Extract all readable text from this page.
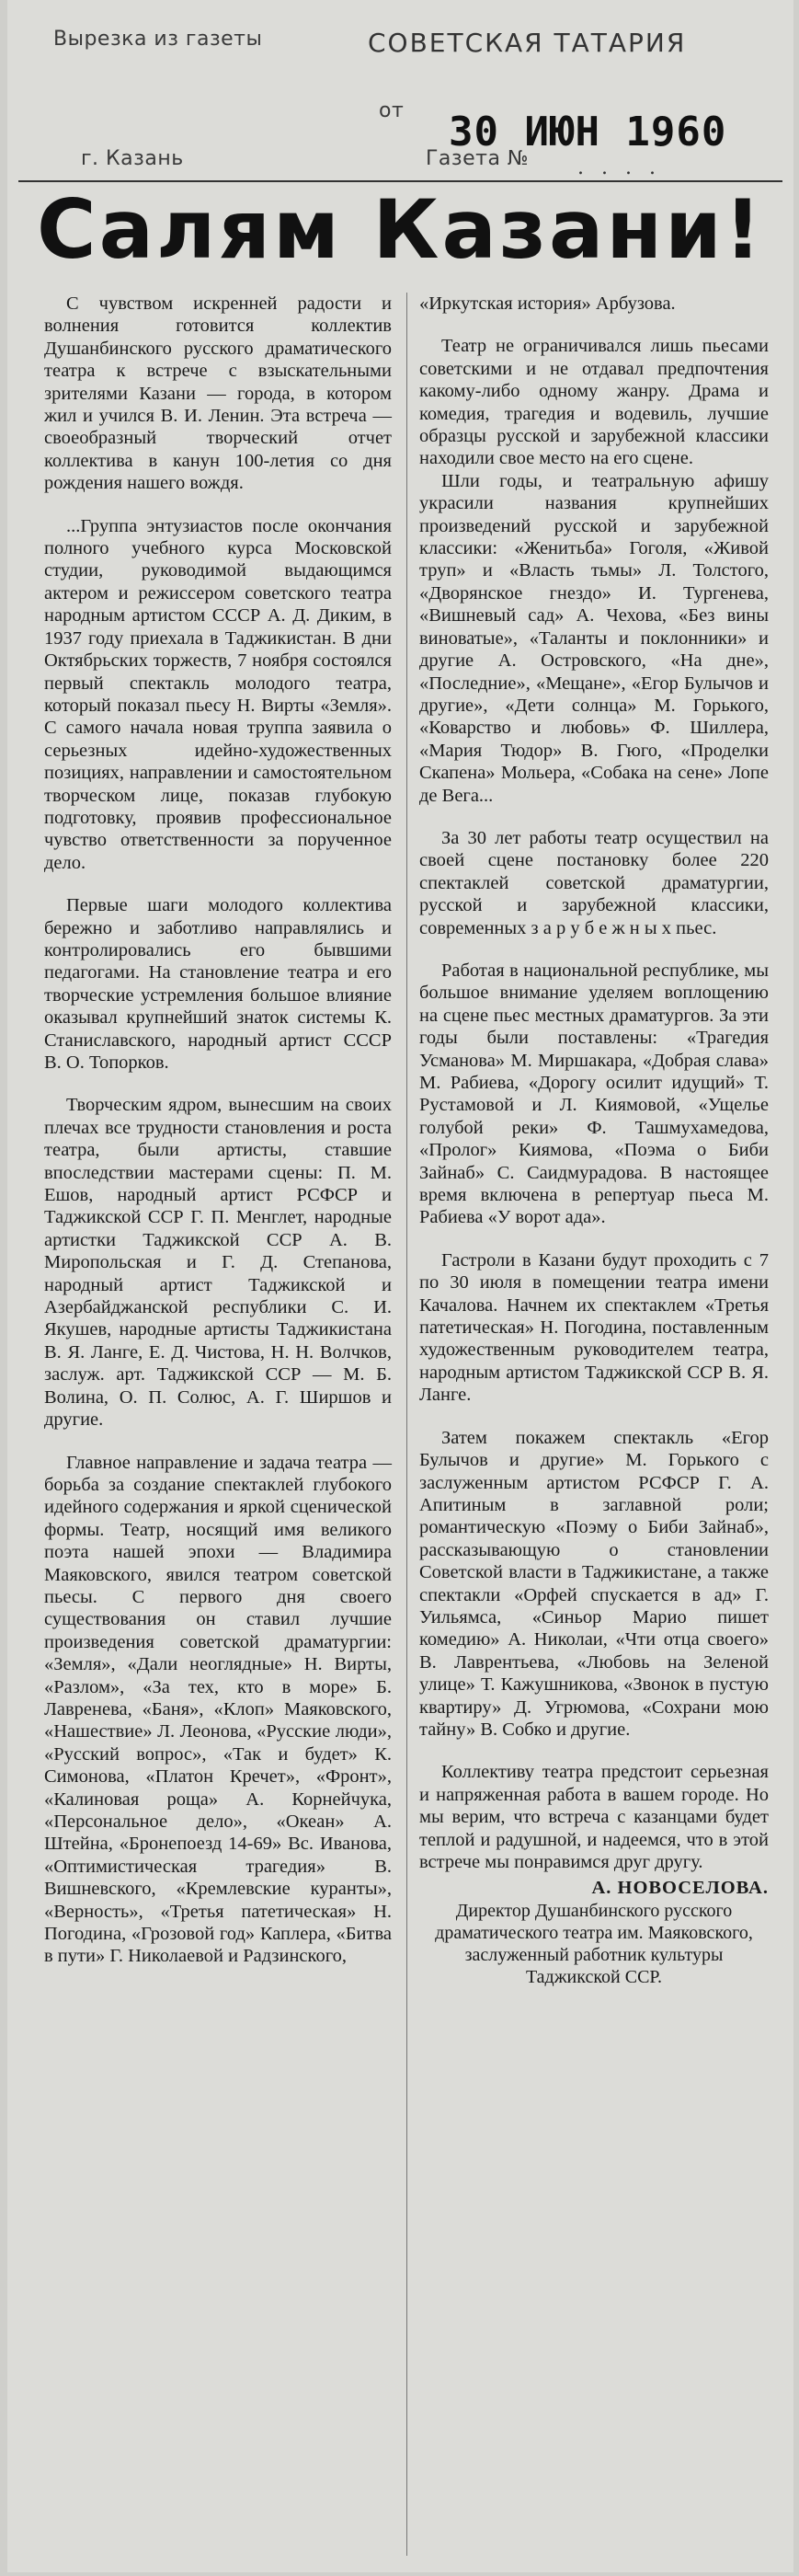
Вырезка из газеты	СОВЕТСКАЯ ТАТАРИЯ
от 30 ИЮН 1960
г. Казань	Газета № . . . .
Салям Казани!

С чувством искренней радости и волнения готовится коллектив Душанбинского русского драматического театра к встрече с взыскательными зрителями Казани — города, в котором жил и учился В. И. Ленин. Эта встреча — своеобразный творческий отчет коллектива в канун 100-летия со дня рождения нашего вождя.

...Группа энтузиастов после окончания полного учебного курса Московской студии, руководимой выдающимся актером и режиссером советского театра народным артистом СССР А. Д. Диким, в 1937 году приехала в Таджикистан. В дни Октябрьских торжеств, 7 ноября состоялся первый спектакль молодого театра, который показал пьесу Н. Вирты «Земля». С самого начала новая труппа заявила о серьезных идейно-художественных позициях, направлении и самостоятельном творческом лице, показав глубокую подготовку, проявив профессиональное чувство ответственности за порученное дело.

Первые шаги молодого коллектива бережно и заботливо направлялись и контролировались его бывшими педагогами. На становление театра и его творческие устремления большое влияние оказывал крупнейший знаток системы К. Станиславского, народный артист СССР В. О. Топорков.

Творческим ядром, вынесшим на своих плечах все трудности становления и роста театра, были артисты, ставшие впоследствии мастерами сцены: П. М. Ешов, народный артист РСФСР и Таджикской ССР Г. П. Менглет, народные артистки Таджикской ССР А. В. Миропольская и Г. Д. Степанова, народный артист Таджикской и Азербайджанской республики С. И. Якушев, народные артисты Таджикистана В. Я. Ланге, Е. Д. Чистова, Н. Н. Волчков, заслуж. арт. Таджикской ССР — М. Б. Волина, О. П. Солюс, А. Г. Ширшов и другие.

Главное направление и задача театра — борьба за создание спектаклей глубокого идейного содержания и яркой сценической формы. Театр, носящий имя великого поэта нашей эпохи — Владимира Маяковского, явился театром советской пьесы. С первого дня своего существования он ставил лучшие произведения советской драматургии: «Земля», «Дали неоглядные» Н. Вирты, «Разлом», «За тех, кто в море» Б. Лавренева, «Баня», «Клоп» Маяковского, «Нашествие» Л. Леонова, «Русские люди», «Русский вопрос», «Так и будет» К. Симонова, «Платон Кречет», «Фронт», «Калиновая роща» А. Корнейчука, «Персональное дело», «Океан» А. Штейна, «Бронепоезд 14-69» Вс. Иванова, «Оптимистическая трагедия» В. Вишневского, «Кремлевские куранты», «Верность», «Третья патетическая» Н. Погодина, «Грозовой год» Каплера, «Битва в пути» Г. Николаевой и Радзинского,

«Иркутская история» Арбузова.

Театр не ограничивался лишь пьесами советскими и не отдавал предпочтения какому-либо одному жанру. Драма и комедия, трагедия и водевиль, лучшие образцы русской и зарубежной классики находили свое место на его сцене.

Шли годы, и театральную афишу украсили названия крупнейших произведений русской и зарубежной классики: «Женитьба» Гоголя, «Живой труп» и «Власть тьмы» Л. Толстого, «Дворянское гнездо» И. Тургенева, «Вишневый сад» А. Чехова, «Без вины виноватые», «Таланты и поклонники» и другие А. Островского, «На дне», «Последние», «Мещане», «Егор Булычов и другие», «Дети солнца» М. Горького, «Коварство и любовь» Ф. Шиллера, «Мария Тюдор» В. Гюго, «Проделки Скапена» Мольера, «Собака на сене» Лопе де Вега...

За 30 лет работы театр осуществил на своей сцене постановку более 220 спектаклей советской драматургии, русской и зарубежной классики, современных з а р у б е ж н ы х пьес.

Работая в национальной республике, мы большое внимание уделяем воплощению на сцене пьес местных драматургов. За эти годы были поставлены: «Трагедия Усманова» М. Миршакара, «Добрая слава» М. Рабиева, «Дорогу осилит идущий» Т. Рустамовой и Л. Киямовой, «Ущелье голубой реки» Ф. Ташмухамедова, «Пролог» Киямова, «Поэма о Биби Зайнаб» С. Саидмурадова. В настоящее время включена в репертуар пьеса М. Рабиева «У ворот ада».

Гастроли в Казани будут проходить с 7 по 30 июля в помещении театра имени Качалова. Начнем их спектаклем «Третья патетическая» Н. Погодина, поставленным художественным руководителем театра, народным артистом Таджикской ССР В. Я. Ланге.

Затем покажем спектакль «Егор Булычов и другие» М. Горького с заслуженным артистом РСФСР Г. А. Апитиным в заглавной роли; романтическую «Поэму о Биби Зайнаб», рассказывающую о становлении Советской власти в Таджикистане, а также спектакли «Орфей спускается в ад» Г. Уильямса, «Синьор Марио пишет комедию» А. Николаи, «Чти отца своего» В. Лаврентьева, «Любовь на Зеленой улице» Т. Кажушникова, «Звонок в пустую квартиру» Д. Угрюмова, «Сохрани мою тайну» В. Собко и другие.

Коллективу театра предстоит серьезная и напряженная работа в вашем городе. Но мы верим, что встреча с казанцами будет теплой и радушной, и надеемся, что в этой встрече мы понравимся друг другу.

А. НОВОСЕЛОВА.
Директор Душанбинского русского драматического театра им. Маяковского, заслуженный работник культуры Таджикской ССР.
